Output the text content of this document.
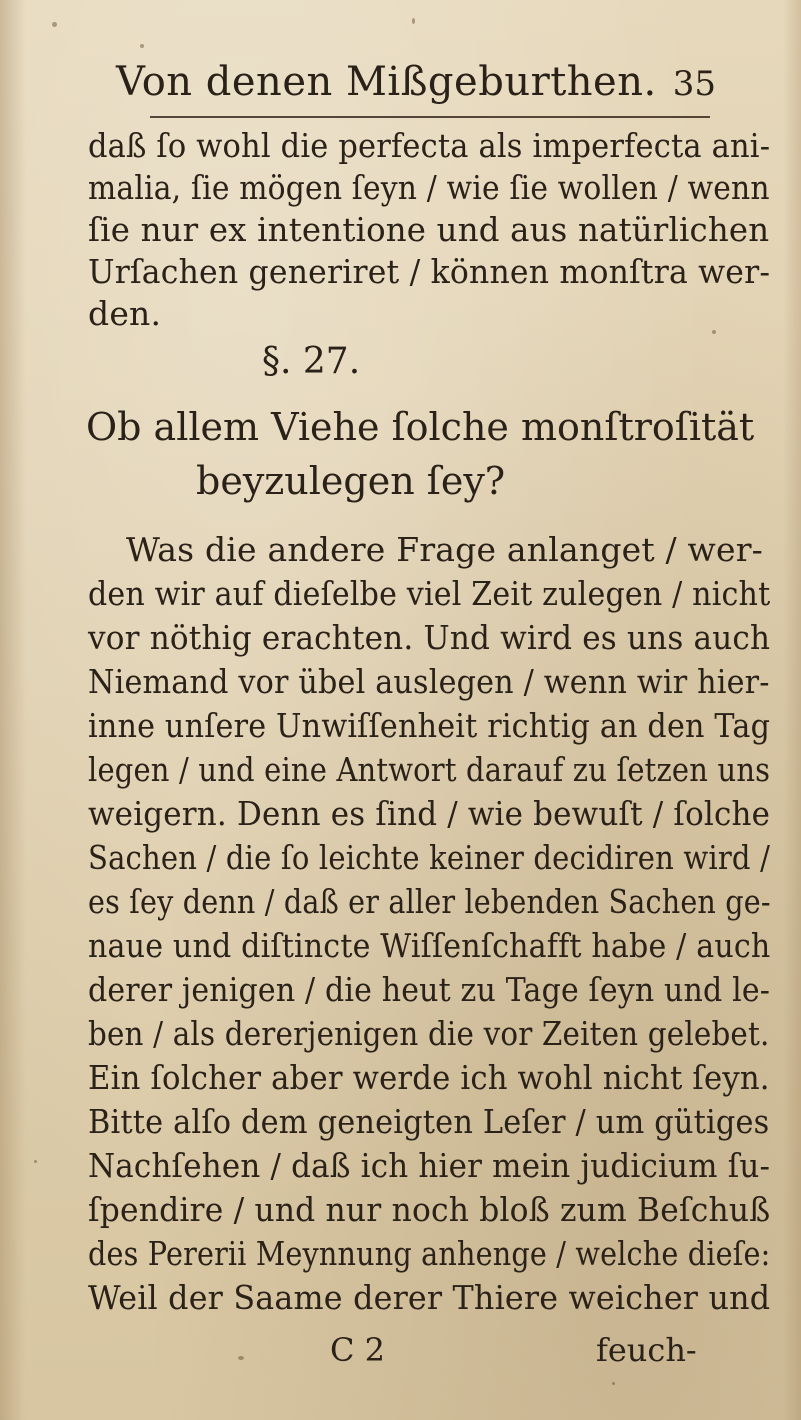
Von denen Mißgeburthen. 35
daß ſo wohl die perfecta als imperfecta ani-
malia, ſie mögen ſeyn / wie ſie wollen / wenn
ſie nur ex intentione und aus natürlichen
Urſachen generiret / können monſtra wer-
den.
§. 27.
Ob allem Viehe ſolche monſtroſität
beyzulegen ſey?
Was die andere Frage anlanget / wer-
den wir auf dieſelbe viel Zeit zulegen / nicht
vor nöthig erachten. Und wird es uns auch
Niemand vor übel auslegen / wenn wir hier-
inne unſere Unwiſſenheit richtig an den Tag
legen / und eine Antwort darauf zu ſetzen uns
weigern. Denn es ſind / wie bewuſt / ſolche
Sachen / die ſo leichte keiner decidiren wird /
es ſey denn / daß er aller lebenden Sachen ge-
naue und diſtincte Wiſſenſchafft habe / auch
derer jenigen / die heut zu Tage ſeyn und le-
ben / als dererjenigen die vor Zeiten gelebet.
Ein ſolcher aber werde ich wohl nicht ſeyn.
Bitte alſo dem geneigten Leſer / um gütiges
Nachſehen / daß ich hier mein judicium ſu-
ſpendire / und nur noch bloß zum Beſchuß
des Pererii Meynnung anhenge / welche dieſe:
Weil der Saame derer Thiere weicher und
C 2	feuch-
